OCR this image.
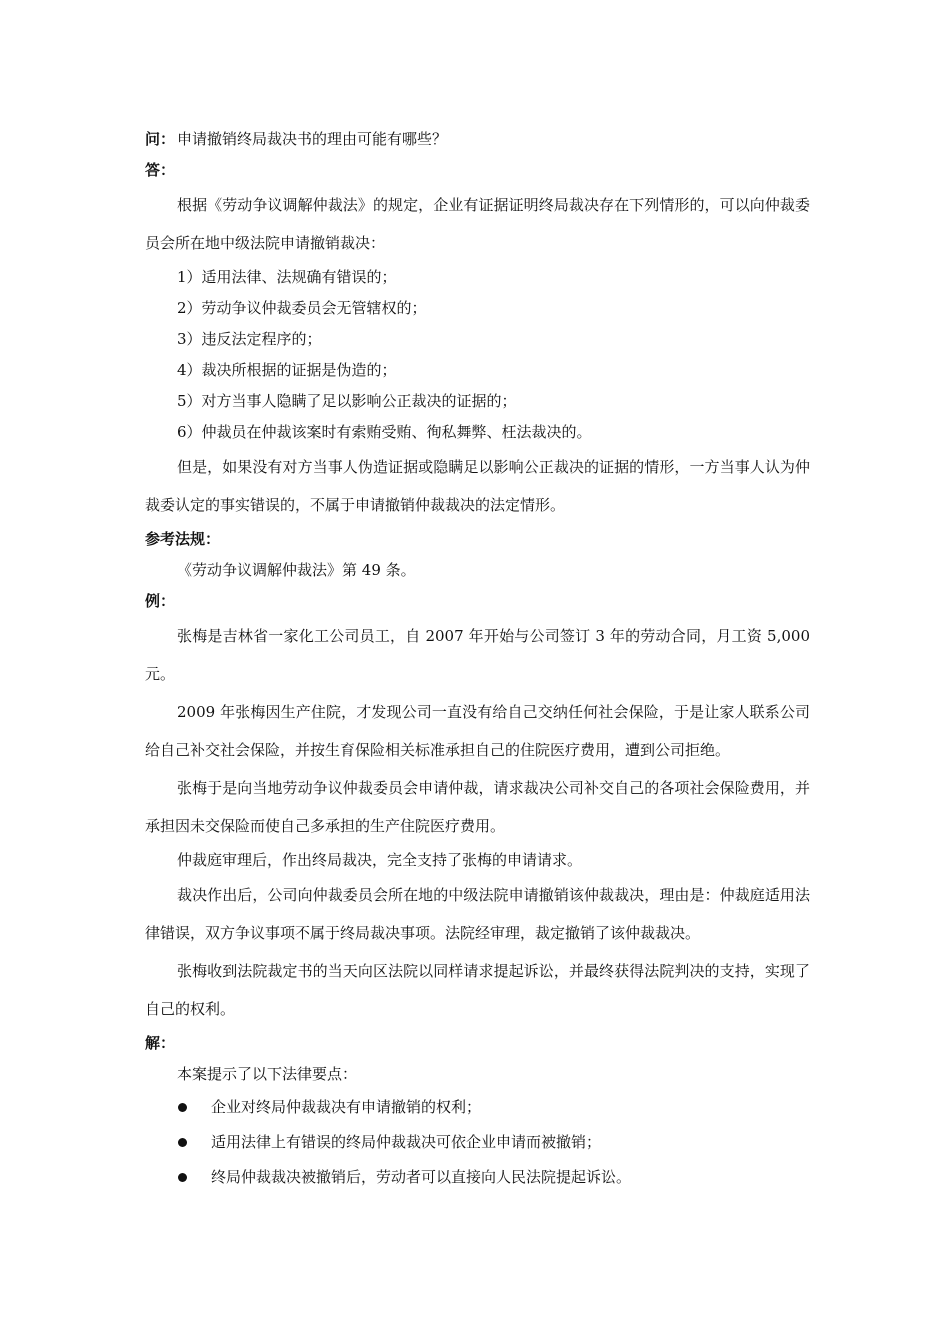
问： 申请撤销终局裁决书的理由可能有哪些？
答：
根据《劳动争议调解仲裁法》的规定，企业有证据证明终局裁决存在下列情形的，可以向仲裁委员会所在地中级法院申请撤销裁决：
1）适用法律、法规确有错误的；
2）劳动争议仲裁委员会无管辖权的；
3）违反法定程序的；
4）裁决所根据的证据是伪造的；
5）对方当事人隐瞒了足以影响公正裁决的证据的；
6）仲裁员在仲裁该案时有索贿受贿、徇私舞弊、枉法裁决的。
但是，如果没有对方当事人伪造证据或隐瞒足以影响公正裁决的证据的情形，一方当事人认为仲裁委认定的事实错误的，不属于申请撤销仲裁裁决的法定情形。
参考法规：
《劳动争议调解仲裁法》第 49 条。
例：
张梅是吉林省一家化工公司员工，自 2007 年开始与公司签订 3 年的劳动合同，月工资 5,000 元。
2009 年张梅因生产住院，才发现公司一直没有给自己交纳任何社会保险，于是让家人联系公司给自己补交社会保险，并按生育保险相关标准承担自己的住院医疗费用，遭到公司拒绝。
张梅于是向当地劳动争议仲裁委员会申请仲裁，请求裁决公司补交自己的各项社会保险费用，并承担因未交保险而使自己多承担的生产住院医疗费用。
仲裁庭审理后，作出终局裁决，完全支持了张梅的申请请求。
裁决作出后，公司向仲裁委员会所在地的中级法院申请撤销该仲裁裁决，理由是：仲裁庭适用法律错误，双方争议事项不属于终局裁决事项。法院经审理，裁定撤销了该仲裁裁决。
张梅收到法院裁定书的当天向区法院以同样请求提起诉讼，并最终获得法院判决的支持，实现了自己的权利。
解：
本案提示了以下法律要点：
企业对终局仲裁裁决有申请撤销的权利；
适用法律上有错误的终局仲裁裁决可依企业申请而被撤销；
终局仲裁裁决被撤销后，劳动者可以直接向人民法院提起诉讼。
